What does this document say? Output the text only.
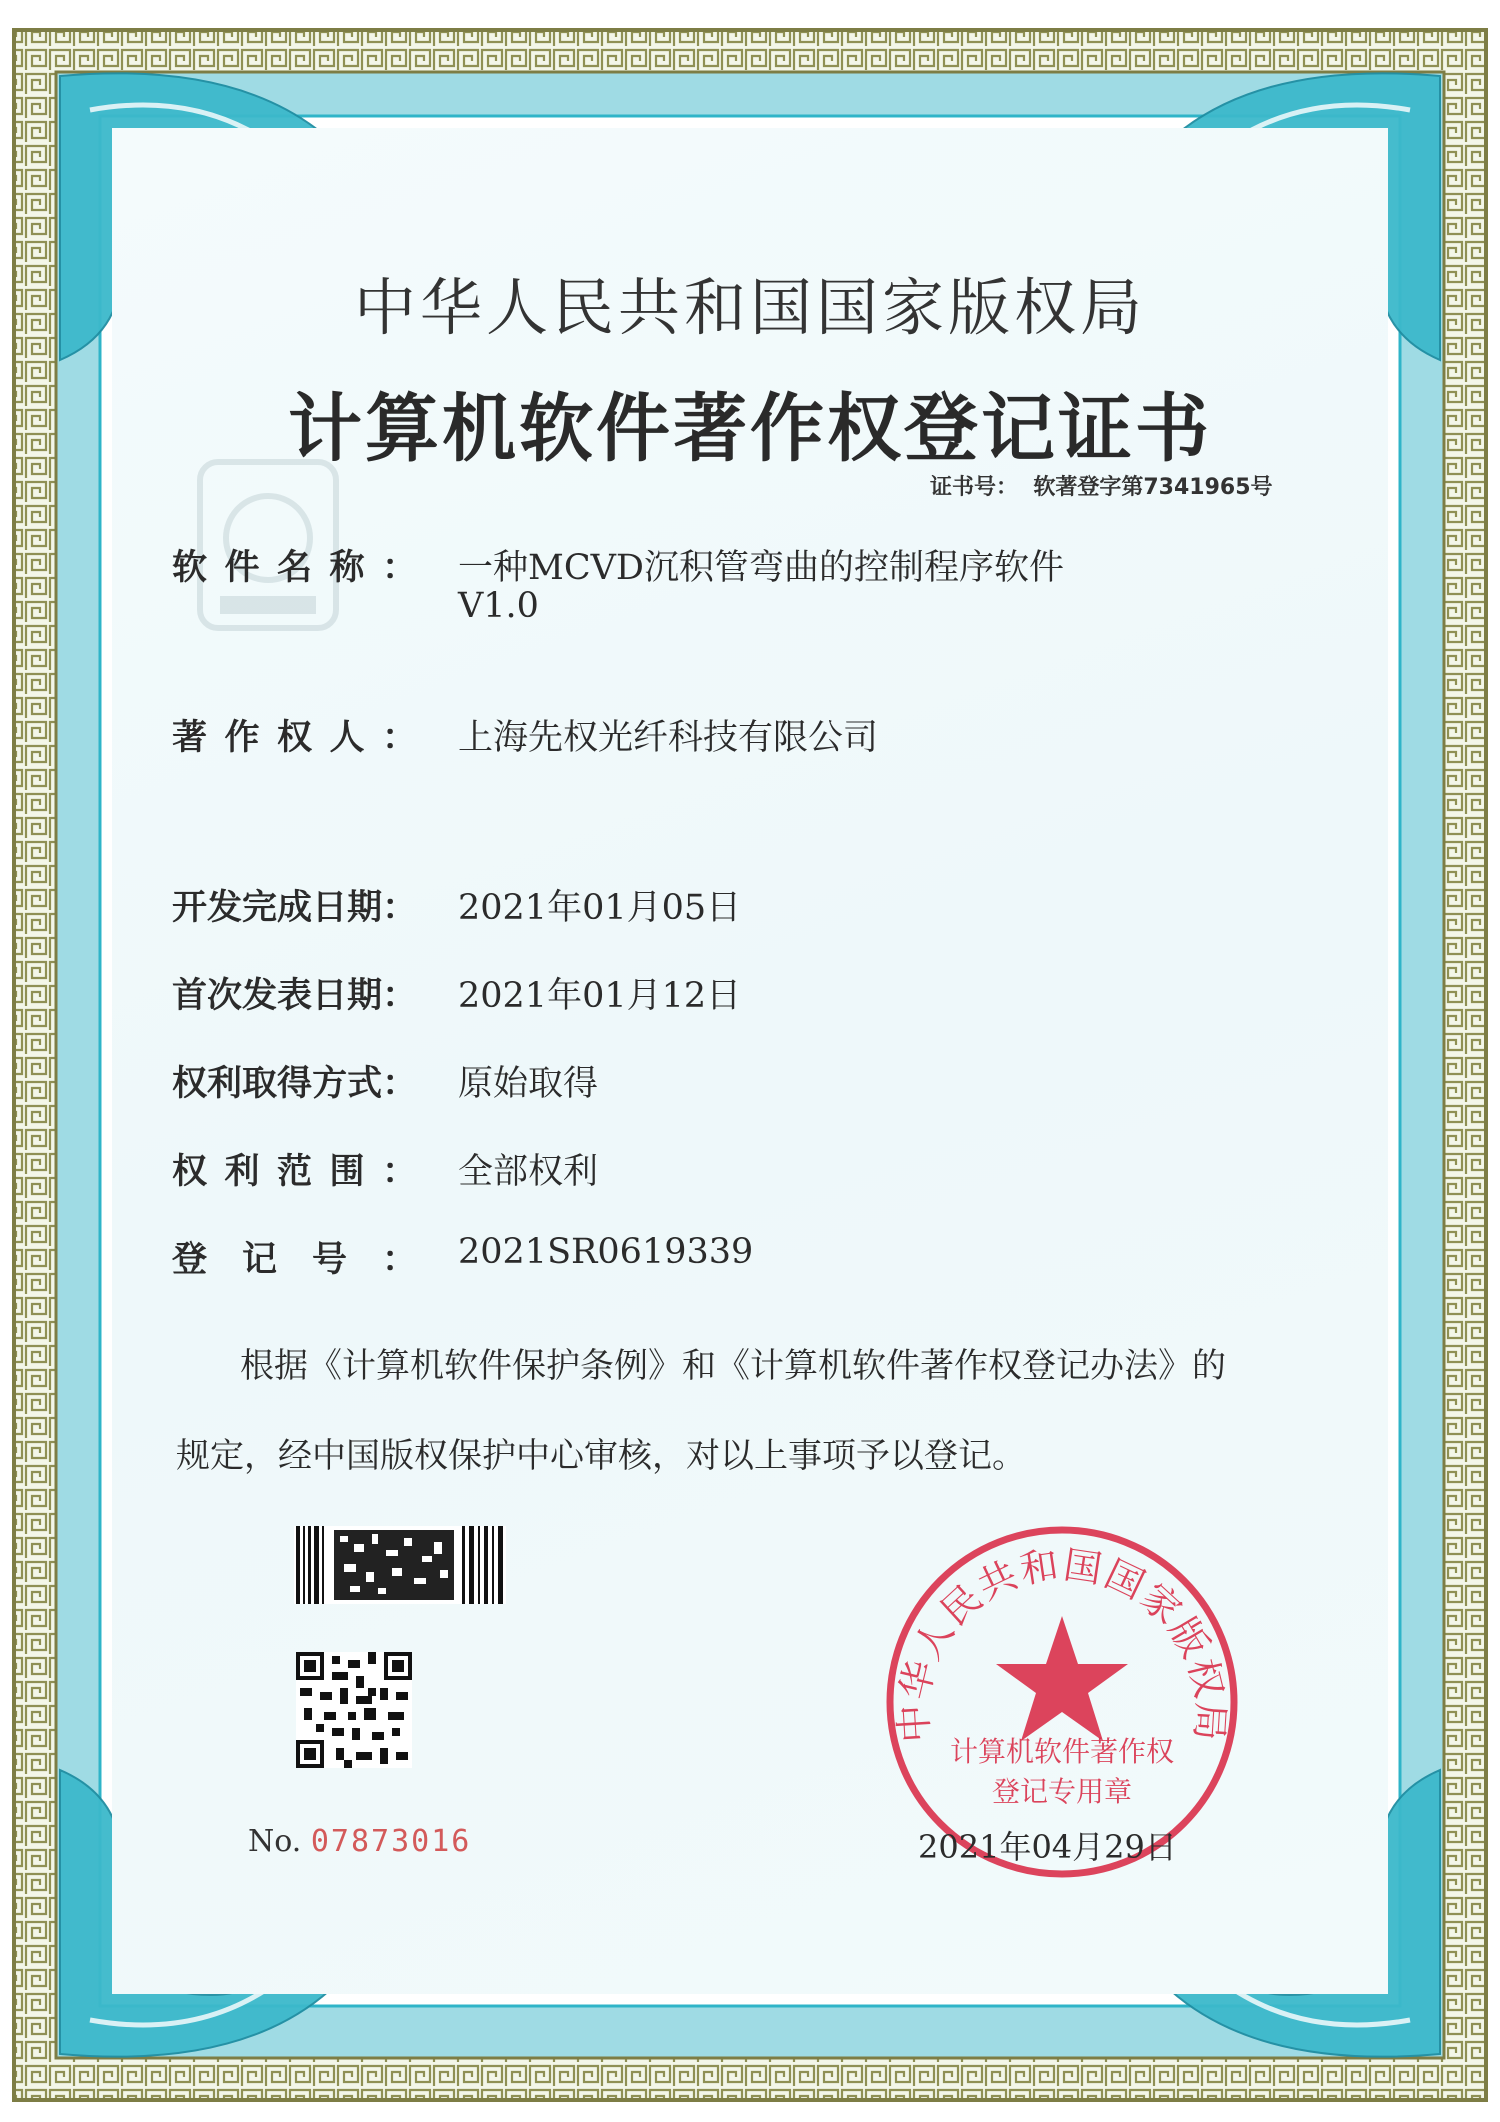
中华人民共和国国家版权局
计算机软件著作权登记证书
证书号： 软著登字第7341965号
软 件 名 称 ： 一种MCVD沉积管弯曲的控制程序软件
V1.0
著 作 权 人 ： 上海先权光纤科技有限公司
开 发 完 成 日 期 ： 2021年01月05日
首 次 发 表 日 期 ： 2021年01月12日
权 利 取 得 方 式 ： 原始取得
权 利 范 围 ： 全部权利
登 记 号 ： 2021SR0619339
根据《计算机软件保护条例》和《计算机软件著作权登记办法》的
规定，经中国版权保护中心审核，对以上事项予以登记。
No. 07873016
中华人民共和国国家版权局
计算机软件著作权
登记专用章
2021年04月29日
